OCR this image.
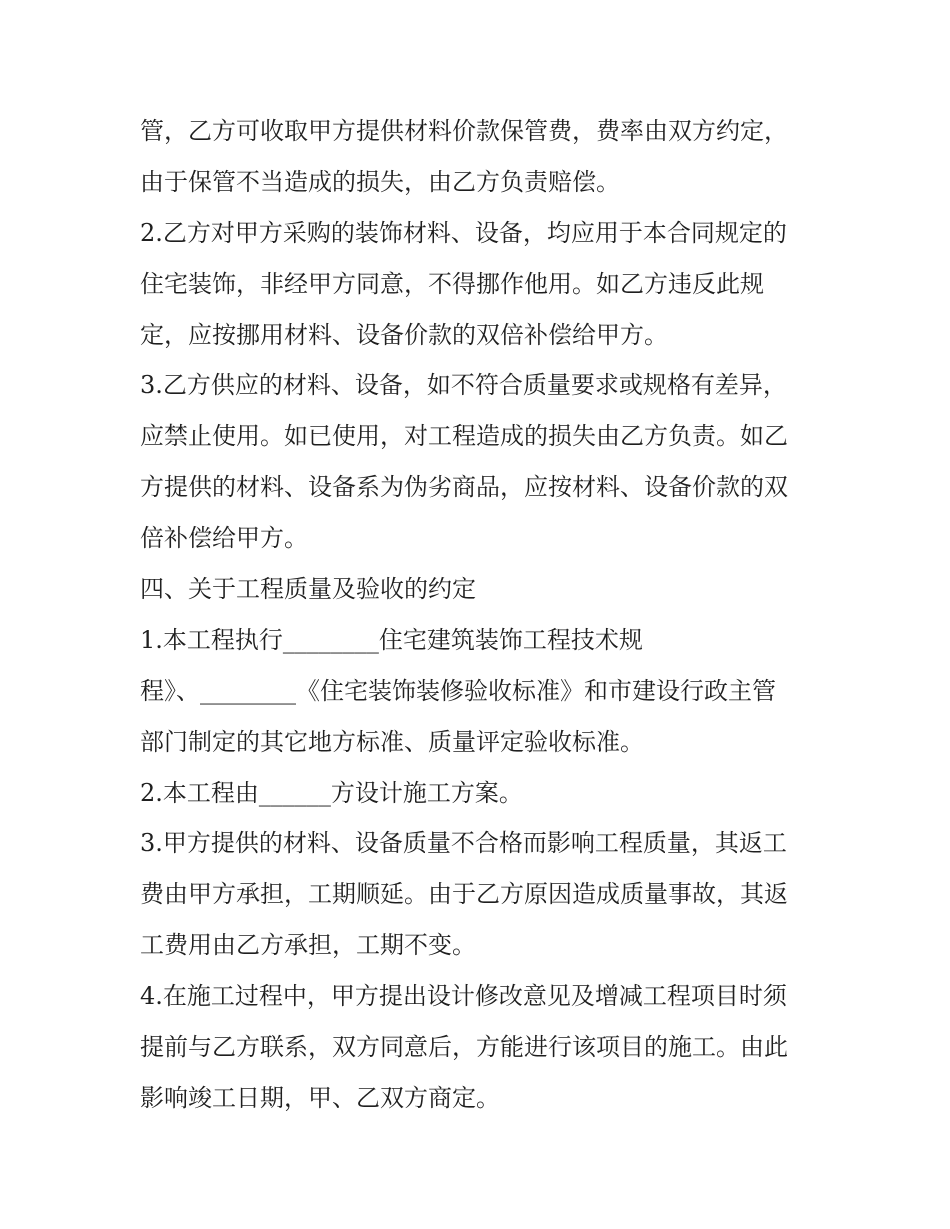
管，乙方可收取甲方提供材料价款保管费，费率由双方约定，
由于保管不当造成的损失，由乙方负责赔偿。
2.乙方对甲方采购的装饰材料、设备，均应用于本合同规定的
住宅装饰，非经甲方同意，不得挪作他用。如乙方违反此规
定，应按挪用材料、设备价款的双倍补偿给甲方。
3.乙方供应的材料、设备，如不符合质量要求或规格有差异，
应禁止使用。如已使用，对工程造成的损失由乙方负责。如乙
方提供的材料、设备系为伪劣商品，应按材料、设备价款的双
倍补偿给甲方。
四、关于工程质量及验收的约定
1.本工程执行________住宅建筑装饰工程技术规
程》、________《住宅装饰装修验收标准》和市建设行政主管
部门制定的其它地方标准、质量评定验收标准。
2.本工程由______方设计施工方案。
3.甲方提供的材料、设备质量不合格而影响工程质量，其返工
费由甲方承担，工期顺延。由于乙方原因造成质量事故，其返
工费用由乙方承担，工期不变。
4.在施工过程中，甲方提出设计修改意见及增减工程项目时须
提前与乙方联系，双方同意后，方能进行该项目的施工。由此
影响竣工日期，甲、乙双方商定。
